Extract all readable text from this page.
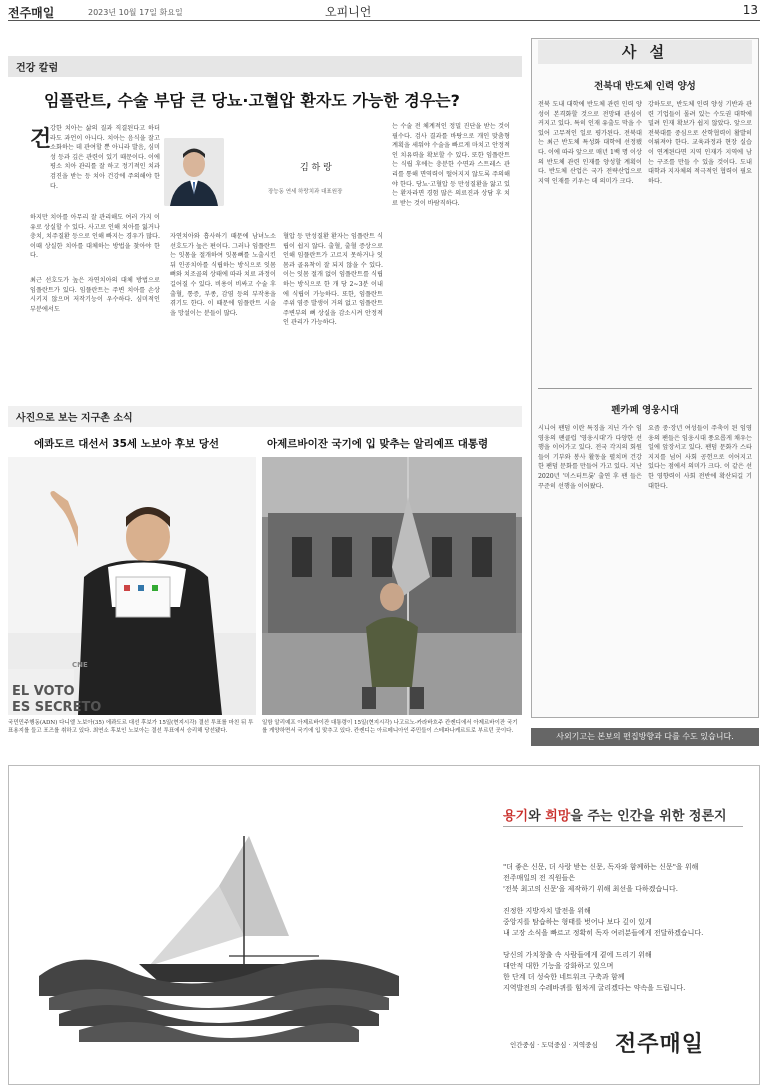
전주매일	2023년 10월 17일 화요일	오피니언	13
건강 칼럼
임플란트, 수술 부담 큰 당뇨·고혈압 환자도 가능한 경우는?
건
강한 치아는 삶의 질과 직결된다고 하더라도 과언이 아니다. 치아는 음식을 잘고 소화하는 데 관여할 뿐 아니라 발음, 심미성 등과 깊은 관련이 있기 때문이다. 이에 평소 치아 관리를 잘 하고 정기적인 치과 검진을 받는 등 치아 건강에 주의해야 한다.
하지만 치아를 아무리 잘 관리해도 여러 가지 이유로 상실할 수 있다. 사고로 인해 치아를 잃거나 충치, 치주질환 등으로 인해 빠지는 경우가 많다. 이때 상실한 치아를 대체하는 방법을 찾아야 한다.
최근 선호도가 높은 자연치아의 대체 방법으로 임플란트가 있다. 임플란트는 주변 치아를 손상시키지 않으며 저작기능이 우수하다. 심미적인 부분에서도
김 하 랑
장능동 연세 하랑치과 대표원장
자연치아와 흡사하기 때문에 남녀노소 선호도가 높은 편이다. 그러나 임플란트는 잇몸을 절개하여 잇몸뼈를 노출시킨 뒤 인공치아를 식립하는 방식으로 잇몸뼈와 치조골의 상태에 따라 치료 과정이 길어질 수 있다. 비용이 비싸고 수술 후 출혈, 통증, 부종, 감염 등의 부작용을 겪기도 한다. 이 때문에 임플란트 시술을 망설이는 분들이 많다.
혈압 등 만성질환 환자는 임플란트 식립이 쉽지 않다. 출혈, 출혈 증상으로 인해 임플란트가 고르지 못하거나 잇몸과 골유착이 잘 되지 않을 수 있다. 이는 잇몸 절개 없이 임플란트를 식립하는 방식으로 한 개 당 2~3분 이내에 식립이 가능하다. 또한, 임플란트 주위 염증 발생이 거의 없고 임플란트 주변부의 뼈 상실을 감소시켜 안정적인 관리가 가능하다.
는 수술 전 체계적인 정밀 진단을 받는 것이 필수다. 검사 결과를 바탕으로 개인 맞춤형 계획을 세워야 수술을 빠르게 마치고 안정적인 치유력을 확보할 수 있다. 또한 임플란트는 식립 후에는 충분한 수면과 스트레스 관리를 통해 면역력이 떨어지지 않도록 주의해야 한다. 당뇨·고혈압 등 만성질환을 앓고 있는 환자라면 경험 많은 의료진과 상담 후 치료 받는 것이 바람직하다.
사진으로 보는 지구촌 소식
에콰도르 대선서 35세 노보아 후보 당선	아제르바이잔 국기에 입 맞추는 알리예프 대통령
EL VOTO
ES SECRETO
CNE
국민민주행동(ADN) 다니엘 노보아(35) 에콰도르 대선 후보가 15일(현지시각) 결선 투표를 마친 뒤 투표용지를 들고 포즈를 취하고 있다. 최연소 후보인 노보아는 결선 투표에서 승리해 당선됐다.
일함 알리예프 아제르바이잔 대통령이 15일(현지시각) 나고르노-카라바흐주 칸켄디에서 아제르바이잔 국기를 게양하면서 국기에 입 맞추고 있다. 칸켄디는 아르메니아인 주민들이 스테파나케르트로 부르던 곳이다.
사 설
전북대 반도체 인력 양성
전북 도내 대학에 반도체 관련 인력 양성이 본격화할 것으로 전망돼 관심이 커지고 있다. 특히 인재 유출도 막을 수 있어 고무적인 일로 평가된다. 전북대는 최근 반도체 특성화 대학에 선정됐다. 이에 따라 앞으로 매년 1백 명 이상의 반도체 관련 인재를 양성할 계획이다. 반도체 산업은 국가 전략산업으로 지역 인재를 키우는 데 의미가 크다.
강하도로, 반도체 인력 양성 기반과 관련 기업들이 몰려 있는 수도권 대학에 밀려 인재 확보가 쉽지 않았다. 앞으로 전북대를 중심으로 산학협력이 활발히 이뤄져야 한다. 교육과정과 현장 실습이 연계된다면 지역 인재가 지역에 남는 구조를 만들 수 있을 것이다. 도내 대학과 지자체의 적극적인 협력이 필요하다.
펜카페 영웅시대
시니어 팬덤 이란 특징을 지닌 가수 임영웅의 팬클럽 '영웅시대'가 다양한 선행을 이어가고 있다. 전국 각지의 회원들이 기부와 봉사 활동을 펼치며 건강한 팬덤 문화를 만들어 가고 있다. 지난 2020년 '미스터트롯' 출연 후 팬 들은 꾸준히 선행을 이어왔다.
요즘 중·장년 여성들이 주축이 된 임영웅의 팬들은 임웅시대 풍요롭게 채우는 일에 앞장서고 있다. 팬덤 문화가 스타 지지를 넘어 사회 공헌으로 이어지고 있다는 점에서 의미가 크다. 이 같은 선한 영향력이 사회 전반에 확산되길 기대한다.
사외기고는 본보의 편집방향과 다를 수도 있습니다.
용기와 희망을 주는 인간을 위한 정론지
"더 좋은 신문, 더 사랑 받는 신문, 독자와 함께하는 신문"을 위해
전주매일의 전 직원들은
'전북 최고의 신문'을 제작하기 위해 최선을 다하겠습니다.
진정한 지방자치 발전을 위해
중앙지를 탐습하는 형태를 벗어나 보다 깊이 있게
내 고장 소식을 빠르고 정확히 독자 여러분들에게 전달하겠습니다.
당신의 가치창출 속 사람들에게 곁에 드리기 위해
대안적 대한 기능을 강화하고 있으며
한 단계 더 성숙한 네트워크 구축과 함께
지역발전의 수레바퀴를 힘차게 굴리겠다는 약속을 드립니다.
인간중심 · 도덕중심 · 지역중심 전주매일
